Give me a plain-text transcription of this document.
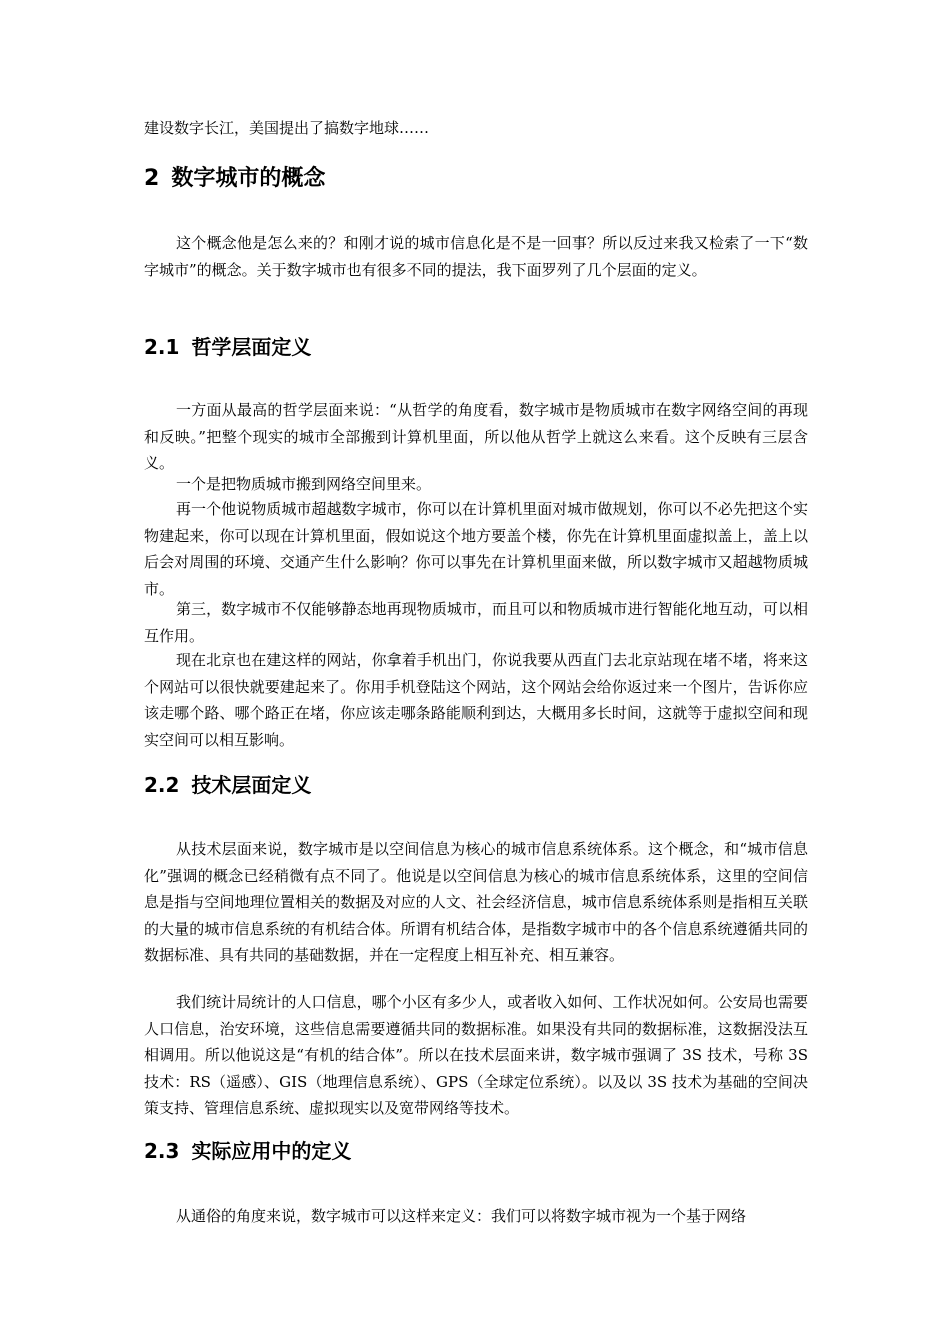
建设数字长江，美国提出了搞数字地球……

2 数字城市的概念

这个概念他是怎么来的？和刚才说的城市信息化是不是一回事？所以反过来我又检索了一下“数字城市”的概念。关于数字城市也有很多不同的提法，我下面罗列了几个层面的定义。

2.1 哲学层面定义

一方面从最高的哲学层面来说：“从哲学的角度看，数字城市是物质城市在数字网络空间的再现和反映。”把整个现实的城市全部搬到计算机里面，所以他从哲学上就这么来看。这个反映有三层含义。

一个是把物质城市搬到网络空间里来。

再一个他说物质城市超越数字城市，你可以在计算机里面对城市做规划，你可以不必先把这个实物建起来，你可以现在计算机里面，假如说这个地方要盖个楼，你先在计算机里面虚拟盖上，盖上以后会对周围的环境、交通产生什么影响？你可以事先在计算机里面来做，所以数字城市又超越物质城市。

第三，数字城市不仅能够静态地再现物质城市，而且可以和物质城市进行智能化地互动，可以相互作用。

现在北京也在建这样的网站，你拿着手机出门，你说我要从西直门去北京站现在堵不堵，将来这个网站可以很快就要建起来了。你用手机登陆这个网站，这个网站会给你返过来一个图片，告诉你应该走哪个路、哪个路正在堵，你应该走哪条路能顺利到达，大概用多长时间，这就等于虚拟空间和现实空间可以相互影响。

2.2 技术层面定义

从技术层面来说，数字城市是以空间信息为核心的城市信息系统体系。这个概念，和“城市信息化”强调的概念已经稍微有点不同了。他说是以空间信息为核心的城市信息系统体系，这里的空间信息是指与空间地理位置相关的数据及对应的人文、社会经济信息，城市信息系统体系则是指相互关联的大量的城市信息系统的有机结合体。所谓有机结合体，是指数字城市中的各个信息系统遵循共同的数据标准、具有共同的基础数据，并在一定程度上相互补充、相互兼容。

我们统计局统计的人口信息，哪个小区有多少人，或者收入如何、工作状况如何。公安局也需要人口信息，治安环境，这些信息需要遵循共同的数据标准。如果没有共同的数据标准，这数据没法互相调用。所以他说这是“有机的结合体”。所以在技术层面来讲，数字城市强调了 3S 技术，号称 3S 技术：RS（遥感）、GIS（地理信息系统）、GPS（全球定位系统）。以及以 3S 技术为基础的空间决策支持、管理信息系统、虚拟现实以及宽带网络等技术。

2.3 实际应用中的定义

从通俗的角度来说，数字城市可以这样来定义：我们可以将数字城市视为一个基于网络
